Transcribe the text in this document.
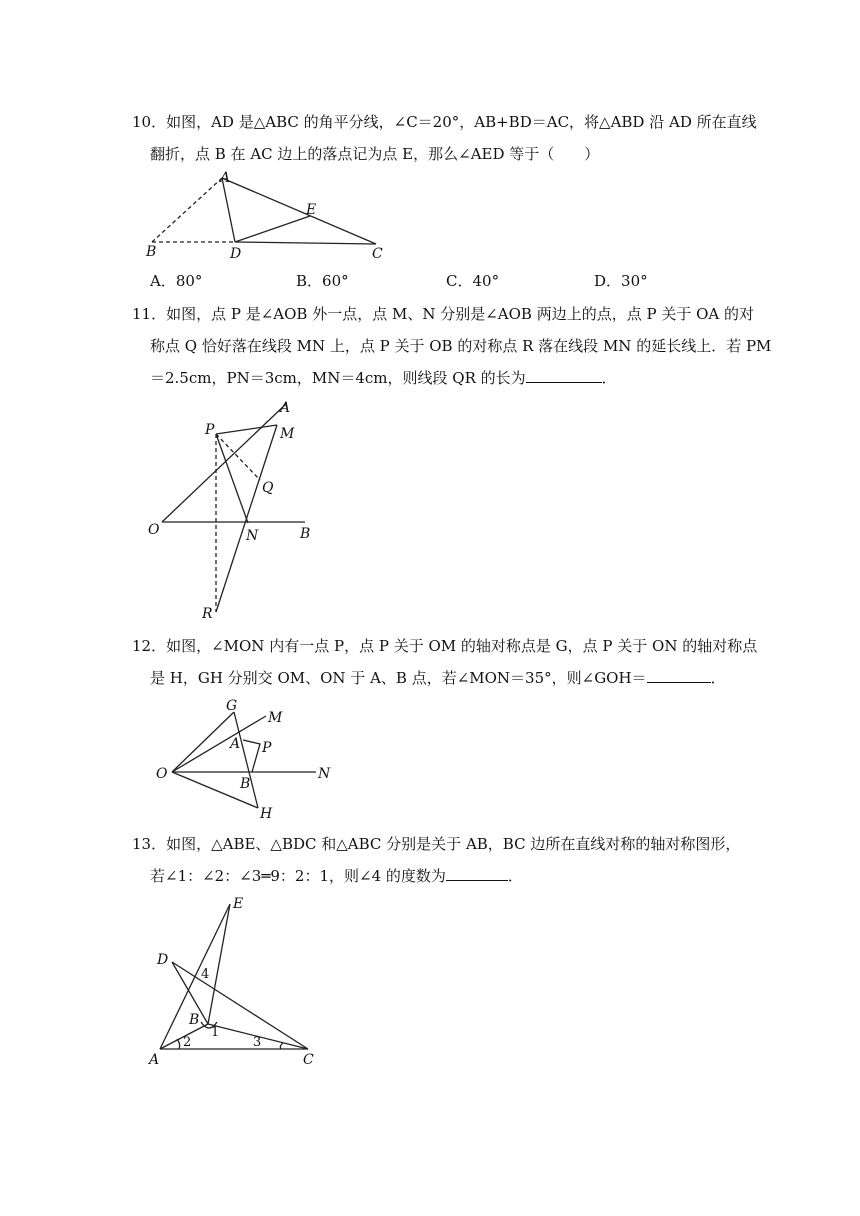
10．如图，AD 是△ABC 的角平分线，∠C＝20°，AB+BD＝AC，将△ABD 沿 AD 所在直线
翻折，点 B 在 AC 边上的落点记为点 E，那么∠AED 等于（　　）
A
B	D
E
C
A．80°	B．60°	C．40°	D．30°
11．如图，点 P 是∠AOB 外一点，点 M、N 分别是∠AOB 两边上的点，点 P 关于 OA 的对
称点 Q 恰好落在线段 MN 上，点 P 关于 OB 的对称点 R 落在线段 MN 的延长线上．若 PM
＝2.5cm，PN＝3cm，MN＝4cm，则线段 QR 的长为	．
P
A
M
Q
O	N	B
R
12．如图，∠MON 内有一点 P，点 P 关于 OM 的轴对称点是 G，点 P 关于 ON 的轴对称点
是 H，GH 分别交 OM、ON 于 A、B 点，若∠MON＝35°，则∠GOH＝	．
G
M
A P
O
B
N
H
13．如图，△ABE、△BDC 和△ABC 分别是关于 AB，BC 边所在直线对称的轴对称图形，
若∠1：∠2：∠3═9：2：1，则∠4 的度数为	．
E
D
B
A	C
1
2	3
4
